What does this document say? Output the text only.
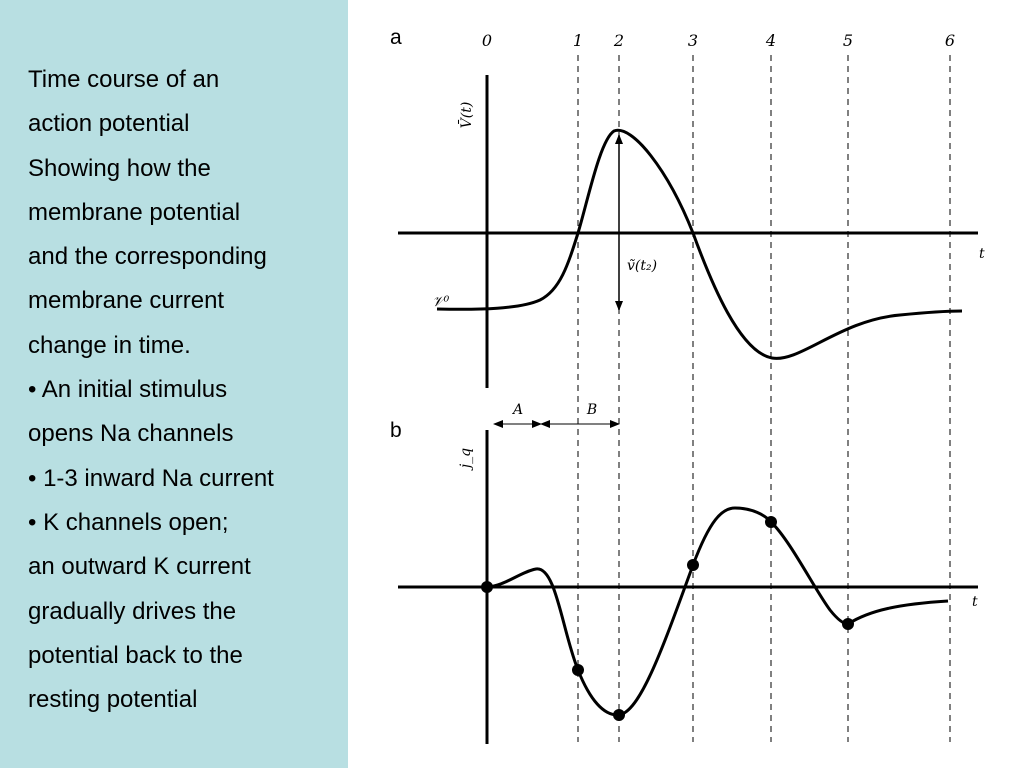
Time course of an
action potential
Showing how the
membrane potential
and the corresponding
membrane current
change in time.
• An initial stimulus
opens Na channels
• 1-3 inward Na current
• K channels open;
an outward K current
gradually drives the
potential back to the
resting potential
a
b
0	1 2	3	4	5	6
V̄(t)
t
𝒱⁰
ṽ(t₂)
A	B
j_q
t
